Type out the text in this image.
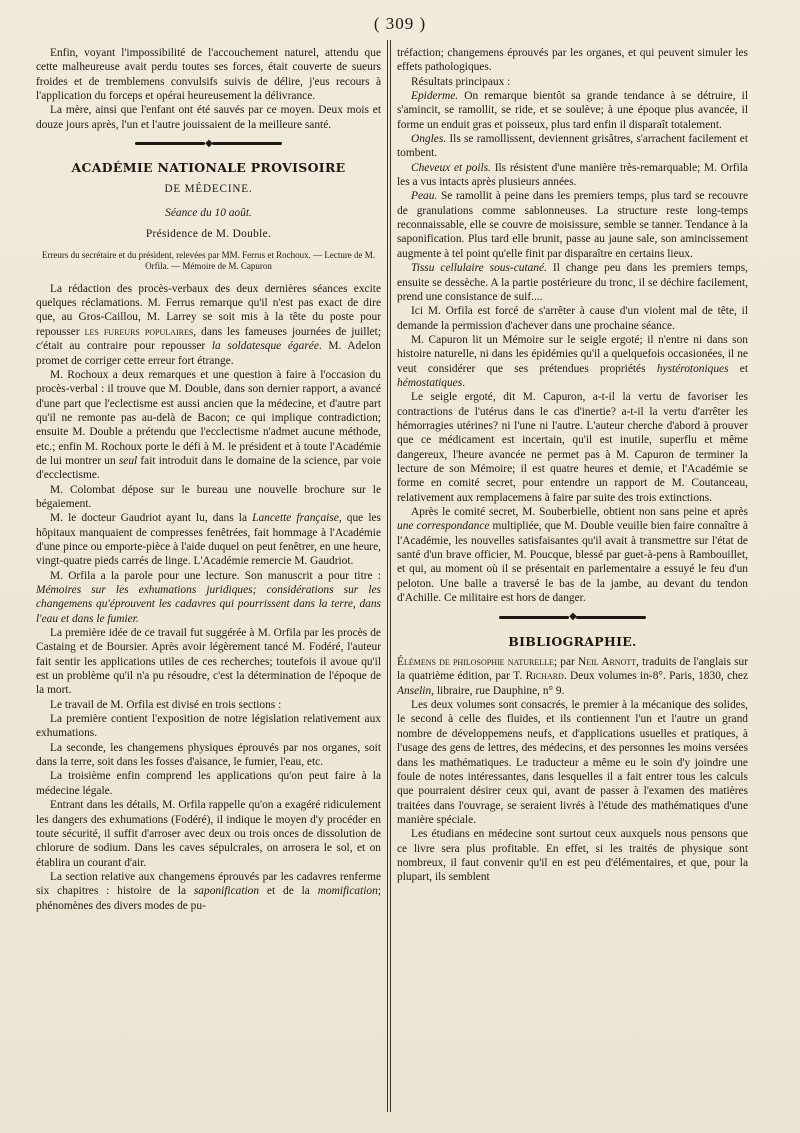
( 309 )

Enfin, voyant l'impossibilité de l'accouchement naturel, attendu que cette malheureuse avait perdu toutes ses forces, était couverte de sueurs froides et de tremblemens convulsifs suivis de délire, j'eus recours à l'application du forceps et opérai heureusement la délivrance.

La mère, ainsi que l'enfant ont été sauvés par ce moyen. Deux mois et douze jours après, l'un et l'autre jouissaient de la meilleure santé.

◆
ACADÉMIE NATIONALE PROVISOIRE
DE MÉDECINE.
Séance du 10 août.
Présidence de M. Double.
Erreurs du secrétaire et du président, relevées par MM. Ferrus et Rochoux. — Lecture de M. Orfila. — Mémoire de M. Capuron

La rédaction des procès-verbaux des deux dernières séances excite quelques réclamations. M. Ferrus remarque qu'il n'est pas exact de dire que, au Gros-Caillou, M. Larrey se soit mis à la tête du poste pour repousser les fureurs populaires, dans les fameuses journées de juillet; c'était au contraire pour repousser la soldatesque égarée. M. Adelon promet de corriger cette erreur fort étrange.

M. Rochoux a deux remarques et une question à faire à l'occasion du procès-verbal : il trouve que M. Double, dans son dernier rapport, a avancé d'une part que l'eclectisme est aussi ancien que la médecine, et d'autre part qu'il ne remonte pas au-delà de Bacon; ce qui implique contradiction; ensuite M. Double a prétendu que l'ecclectisme n'admet aucune méthode, etc.; enfin M. Rochoux porte le défi à M. le président et à toute l'Académie de lui montrer un seul fait introduit dans le domaine de la science, par voie d'ecclectisme.

M. Colombat dépose sur le bureau une nouvelle brochure sur le bégaiement.

M. le docteur Gaudriot ayant lu, dans la Lancette française, que les hôpitaux manquaient de compresses fenêtrées, fait hommage à l'Académie d'une pince ou emporte-pièce à l'aide duquel on peut fenêtrer, en une heure, vingt-quatre pieds carrés de linge. L'Académie remercie M. Gaudriot.

M. Orfila a la parole pour une lecture. Son manuscrit a pour titre : Mémoires sur les exhumations juridiques; considérations sur les changemens qu'éprouvent les cadavres qui pourrissent dans la terre, dans l'eau et dans le fumier.

La première idée de ce travail fut suggérée à M. Orfila par les procès de Castaing et de Boursier. Après avoir légèrement tancé M. Fodéré, l'auteur fait sentir les applications utiles de ces recherches; toutefois il avoue qu'il est un problème qu'il n'a pu résoudre, c'est la détermination de l'époque de la mort.

Le travail de M. Orfila est divisé en trois sections :

La première contient l'exposition de notre législation relativement aux exhumations.

La seconde, les changemens physiques éprouvés par nos organes, soit dans la terre, soit dans les fosses d'aisance, le fumier, l'eau, etc.

La troisième enfin comprend les applications qu'on peut faire à la médecine légale.

Entrant dans les détails, M. Orfila rappelle qu'on a exagéré ridiculement les dangers des exhumations (Fodéré), il indique le moyen d'y procéder en toute sécurité, il suffit d'arroser avec deux ou trois onces de dissolution de chlorure de sodium. Dans les caves sépulcrales, on arrosera le sol, et on établira un courant d'air.

La section relative aux changemens éprouvés par les cadavres renferme six chapitres : histoire de la saponification et de la momification; phénomènes des divers modes de pu-

tréfaction; changemens éprouvés par les organes, et qui peuvent simuler les effets pathologiques.

Résultats principaux :

Epiderme. On remarque bientôt sa grande tendance à se détruire, il s'amincit, se ramollit, se ride, et se soulève; à une époque plus avancée, il forme un enduit gras et poisseux, plus tard enfin il disparaît totalement.

Ongles. Ils se ramollissent, deviennent grisâtres, s'arrachent facilement et tombent.

Cheveux et poils. Ils résistent d'une manière très-remarquable; M. Orfila les a vus intacts après plusieurs années.

Peau. Se ramollit à peine dans les premiers temps, plus tard se recouvre de granulations comme sablonneuses. La structure reste long-temps reconnaissable, elle se couvre de moisissure, semble se tanner. Tendance à la saponification. Plus tard elle brunit, passe au jaune sale, son amincissement augmente à tel point qu'elle finit par disparaître en certains lieux.

Tissu cellulaire sous-cutané. Il change peu dans les premiers temps, ensuite se dessèche. A la partie postérieure du tronc, il se déchire facilement, prend une consistance de suif....

Ici M. Orfila est forcé de s'arrêter à cause d'un violent mal de tête, il demande la permission d'achever dans une prochaine séance.

M. Capuron lit un Mémoire sur le seigle ergoté; il n'entre ni dans son histoire naturelle, ni dans les épidémies qu'il a quelquefois occasionées, il ne veut considérer que ses prétendues propriétés hystérotoniques et hémostatiques.

Le seigle ergoté, dit M. Capuron, a-t-il la vertu de favoriser les contractions de l'utérus dans le cas d'inertie? a-t-il la vertu d'arrêter les hémorragies utérines? ni l'une ni l'autre. L'auteur cherche d'abord à prouver que ce médicament est incertain, qu'il est inutile, superflu et même dangereux, l'heure avancée ne permet pas à M. Capuron de terminer la lecture de son Mémoire; il est quatre heures et demie, et l'Académie se forme en comité secret, pour entendre un rapport de M. Coutanceau, relativement aux remplacemens à faire par suite des trois extinctions.

Après le comité secret, M. Souberbielle, obtient non sans peine et après une correspondance multipliée, que M. Double veuille bien faire connaître à l'Académie, les nouvelles satisfaisantes qu'il avait à transmettre sur l'état de santé d'un brave officier, M. Poucque, blessé par guet-à-pens à Rambouillet, et qui, au moment où il se présentait en parlementaire a essuyé le feu d'un peloton. Une balle a traversé le bas de la jambe, au devant du tendon d'Achille. Ce militaire est hors de danger.

◆
BIBLIOGRAPHIE.

Élémens de philosophie naturelle; par Neil Arnott, traduits de l'anglais sur la quatrième édition, par T. Richard. Deux volumes in-8°. Paris, 1830, chez Anselin, libraire, rue Dauphine, n° 9.

Les deux volumes sont consacrés, le premier à la mécanique des solides, le second à celle des fluides, et ils contiennent l'un et l'autre un grand nombre de développemens neufs, et d'applications usuelles et pratiques, à l'usage des gens de lettres, des médecins, et des personnes les moins versées dans les mathématiques. Le traducteur a même eu le soin d'y joindre une foule de notes intéressantes, dans lesquelles il a fait entrer tous les calculs que pourraient désirer ceux qui, avant de passer à l'examen des matières traitées dans l'ouvrage, se seraient livrés à l'étude des mathématiques d'une manière spéciale.

Les étudians en médecine sont surtout ceux auxquels nous pensons que ce livre sera plus profitable. En effet, si les traités de physique sont nombreux, il faut convenir qu'il en est peu d'élémentaires, et que, pour la plupart, ils semblent
